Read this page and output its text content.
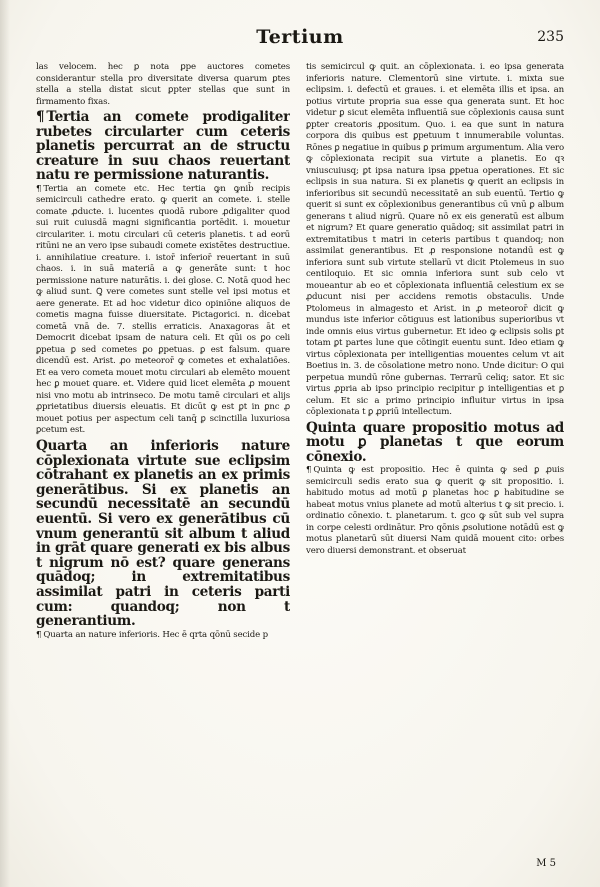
Tertium	235

las velocem. hec ꝑ nota ꝑpe auctores cometes considerantur stella pro diversitate diversa quarum ꝑtes stella a stella distat sicut ꝑpter stellas que sunt in firmamento fixas.

¶ Tertia an comete prodigaliter rubetes circularter cum ceteris planetis percurrat an de structu creature in suu chaos reuertant natu re permissione naturantis.

¶ Tertia an comete etc. Hec tertia ꝙn ꝙnib̄ recipis semicirculi cathedre erato. ꝙ querit an comete. i. stelle comate ꝓducte. i. lucentes quodā rubore ꝓdigaliter quod sui ruit cuiusdā magni significantia portēdit. i. mouetur circulariter. i. motu circulari cū ceteris planetis. t ad eorū ritūni ne an vero ipse subaudi comete existētes destructiue. i. annihilatiue creature. i. istor̄ inferior̄ reuertant in suū chaos. i. in suā materiā a ꝙ generāte sunt: t hoc permissione nature naturātis. i. dei glose. C. Notā quod hec ꝙ aliud sunt. Ꝗ vere cometes sunt stelle vel ipsi motus et aere generate. Et ad hoc videtur dico opiniōne aliquos de cometis magna fuisse diuersitate. Pictagorici. n. dicebat cometā vnā de. 7. stellis erraticis. Anaxagoras āt et Democrit dicebat ipsam de natura celi. Et qūi os ꝑo celi ꝑpetua ꝑ sed cometes ꝑo ꝑpetuas. ꝑ est falsum. quare dicendū est. Arist. ꝓo meteoror̄ ꝙ cometes et exhalatiōes. Et ea vero cometa mouet motu circulari ab elemēto mouent hec ꝑ mouet quare. et. Videre quid licet elemēta ꝓ mouent nisi vno motu ab intrinseco. De motu tamē circulari et alijs ꝓprietatibus diuersis eleuatis. Et dicūt ꝙ est ꝑt in ꝑnc ꝓ mouet potius per aspectum celi tanq̄ ꝑ scinctilla luxuriosa ꝑcetum est.

Quarta an inferioris nature cōplexionata virtute sue eclipsim cōtrahant ex planetis an ex primis generātibus. Si ex planetis an secundū necessitatē an secundū euentū. Si vero ex generātibus cū vnum generantū sit album t aliud in grāt quare generati ex bis albus t nigrum nō est? quare generans quādoq; in extremitatibus assimilat patri in ceteris parti cum: quandoq; non t generantium.

¶ Quarta an nature inferioris. Hec ē qrta qōnū secide p

tis semicircul ꝙ quit. an cōplexionata. i. eo ipsa generata inferioris nature. Clementorū sine virtute. i. mixta sue eclipsim. i. defectū et graues. i. et elemēta illis et ipsa. an potius virtute propria sua esse qua generata sunt. Et hoc videtur ꝑ sicut elemēta influentiā sue cōplexionis causa sunt ꝑpter creatoris ꝓpositum. Quo. i. ea que sunt in natura corpora dis quibus est ꝑpetuum t innumerabile voluntas. Rōnes ꝑ negatiue in quibus ꝑ primum argumentum. Alia vero ꝙ cōplexionata recipit sua virtute a planetis. Eo qꝛ vniuscuiusq; ꝑt ipsa natura ipsa ꝑpetua operationes. Et sic eclipsis in sua natura. Si ex planetis ꝙ querit an eclipsis in inferioribus sit secundū necessitatē an sub euentū. Tertio ꝙ querit si sunt ex cōplexionibus generantibus cū vnū ꝑ album generans t aliud nigrū. Quare nō ex eis generatū est album et nigrum? Et quare generatio quādoq; sit assimilat patri in extremitatibus t matri in ceteris partibus t quandoq; non assimilat generantibus. Et ꝓ responsione notandū est ꝙ inferiora sunt sub virtute stellarū vt dicit Ptolemeus in suo centiloquio. Et sic omnia inferiora sunt sub celo vt moueantur ab eo et cōplexionata influentiā celestium ex se ꝓducunt nisi per accidens remotis obstaculis. Unde Ptolomeus in almagesto et Arist. in ꝓ meteoror̄ dicit ꝙ mundus iste inferior cōtiguus est lationibus superioribus vt inde omnis eius virtus gubernetur. Et ideo ꝙ eclipsis solis ꝑt totam ꝑt partes lune que cōtingit euentu sunt. Ideo etiam ꝙ virtus cōplexionata per intelligentias mouentes celum vt ait Boetius in. 3. de cōsolatione metro nono. Unde dicitur: O qui perpetua mundū rōne gubernas. Terrarū celiq; sator. Et sic virtus ꝓpria ab ipso principio recipitur ꝑ intelligentias et ꝑ celum. Et sic a primo principio influitur virtus in ipsa cōplexionata t ꝑ ꝓpriū intellectum.

Quinta quare propositio motus ad motu ꝑ planetas t que eorum cōnexio.

¶ Quinta ꝙ est propositio. Hec ē quinta ꝙ sed ꝑ ꝓuis semicirculi sedis erato sua ꝙ querit ꝙ sit propositio. i. habitudo motus ad motū ꝑ planetas hoc ꝑ habitudine se habeat motus vnius planete ad motū alterius t ꝙ sit precio. i. ordinatio cōnexio. t. planetarum. t. gco ꝙ sūt sub vel supra in corpe celesti ordinātur. Pro qōnis ꝓsolutione notādū est ꝙ motus planetarū sūt diuersi Nam quidā mouent cito: orbes vero diuersi demonstrant. et obseruat

M 5
